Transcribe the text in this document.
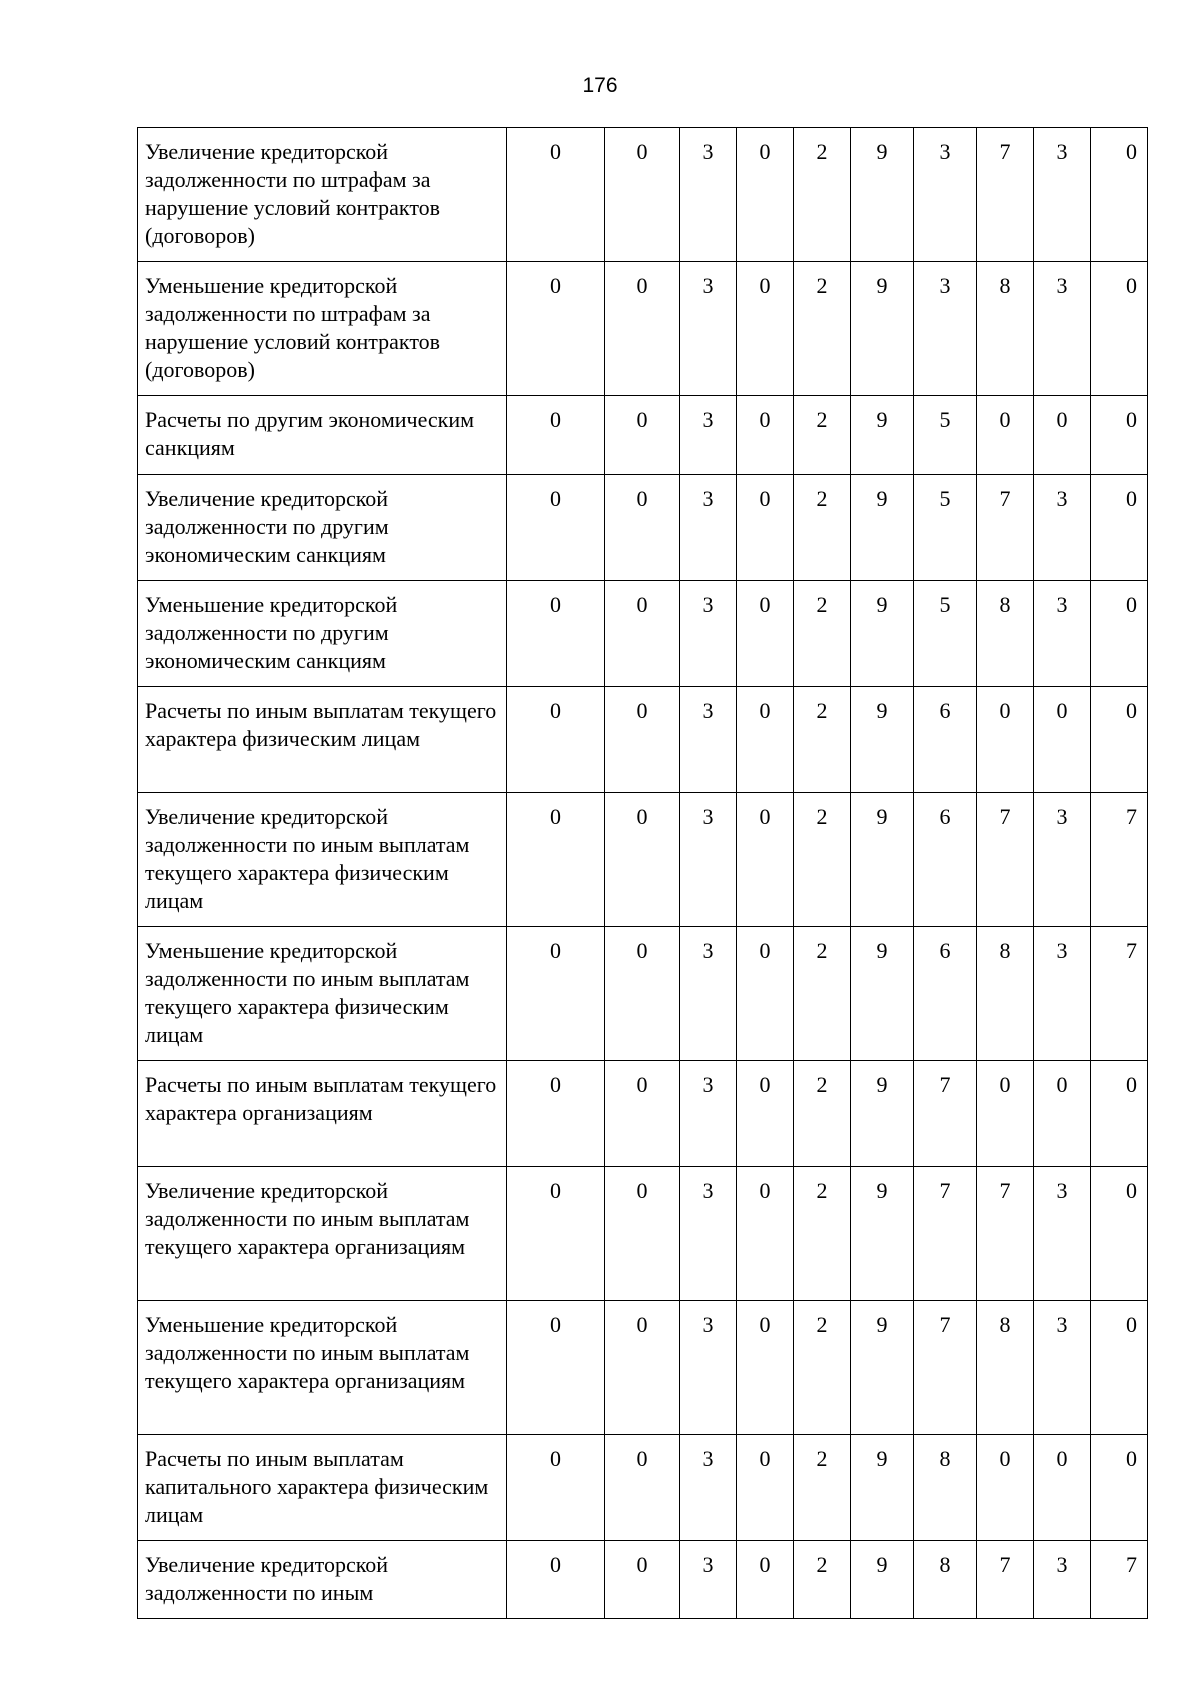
176
Увеличение кредиторской задолженности по штрафам за нарушение условий контрактов (договоров)	0	0	3	0	2	9	3	7	3	0
Уменьшение кредиторской задолженности по штрафам за нарушение условий контрактов (договоров)	0	0	3	0	2	9	3	8	3	0
Расчеты по другим экономическим санкциям	0	0	3	0	2	9	5	0	0	0
Увеличение кредиторской задолженности по другим экономическим санкциям	0	0	3	0	2	9	5	7	3	0
Уменьшение кредиторской задолженности по другим экономическим санкциям	0	0	3	0	2	9	5	8	3	0
Расчеты по иным выплатам текущего характера физическим лицам	0	0	3	0	2	9	6	0	0	0
Увеличение кредиторской задолженности по иным выплатам текущего характера физическим лицам	0	0	3	0	2	9	6	7	3	7
Уменьшение кредиторской задолженности по иным выплатам текущего характера физическим лицам	0	0	3	0	2	9	6	8	3	7
Расчеты по иным выплатам текущего характера организациям	0	0	3	0	2	9	7	0	0	0
Увеличение кредиторской задолженности по иным выплатам текущего характера организациям	0	0	3	0	2	9	7	7	3	0
Уменьшение кредиторской задолженности по иным выплатам текущего характера организациям	0	0	3	0	2	9	7	8	3	0
Расчеты по иным выплатам капитального характера физическим лицам	0	0	3	0	2	9	8	0	0	0
Увеличение кредиторской задолженности по иным	0	0	3	0	2	9	8	7	3	7
